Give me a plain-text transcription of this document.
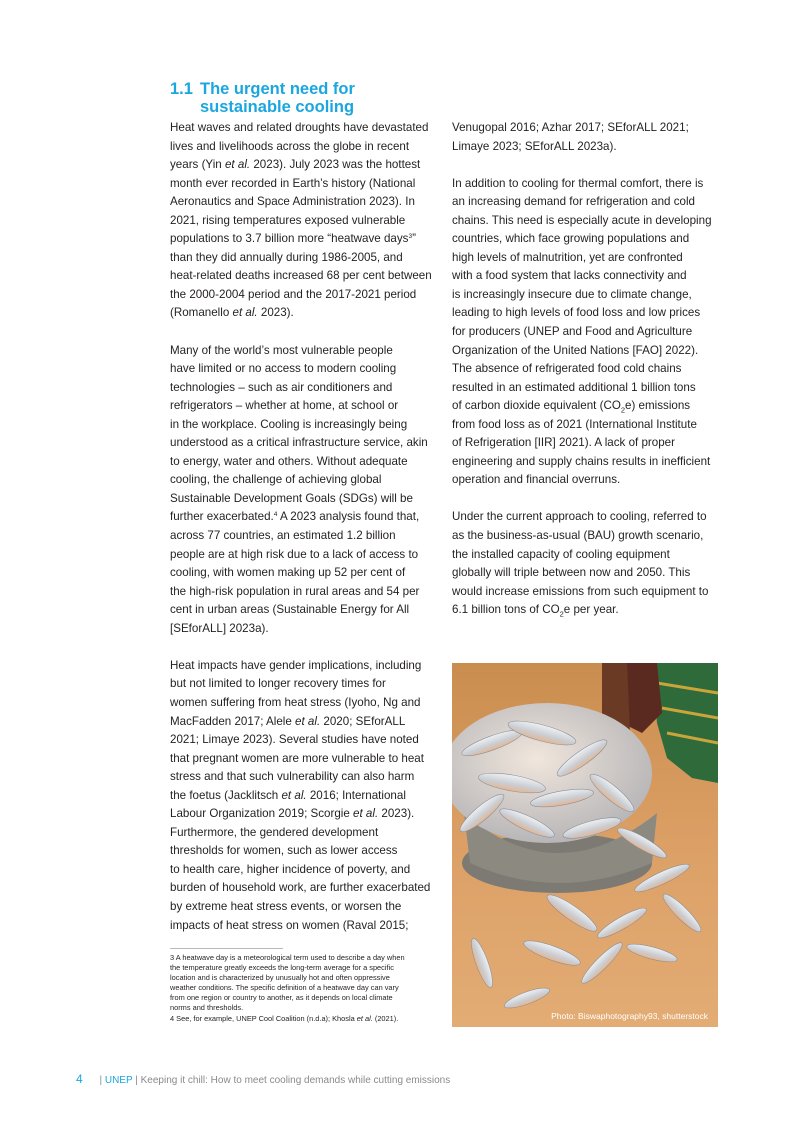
1.1 The urgent need for
sustainable cooling

Heat waves and related droughts have devastated
lives and livelihoods across the globe in recent
years (Yin et al. 2023). July 2023 was the hottest
month ever recorded in Earth’s history (National
Aeronautics and Space Administration 2023). In
2021, rising temperatures exposed vulnerable
populations to 3.7 billion more “heatwave days$^3$”
than they did annually during 1986-2005, and
heat-related deaths increased 68 per cent between
the 2000-2004 period and the 2017-2021 period
(Romanello et al. 2023).

Many of the world’s most vulnerable people
have limited or no access to modern cooling
technologies – such as air conditioners and
refrigerators – whether at home, at school or
in the workplace. Cooling is increasingly being
understood as a critical infrastructure service, akin
to energy, water and others. Without adequate
cooling, the challenge of achieving global
Sustainable Development Goals (SDGs) will be
further exacerbated.$^4$ A 2023 analysis found that,
across 77 countries, an estimated 1.2 billion
people are at high risk due to a lack of access to
cooling, with women making up 52 per cent of
the high-risk population in rural areas and 54 per
cent in urban areas (Sustainable Energy for All
[SEforALL] 2023a).

Heat impacts have gender implications, including
but not limited to longer recovery times for
women suffering from heat stress (Iyoho, Ng and
MacFadden 2017; Alele et al. 2020; SEforALL
2021; Limaye 2023). Several studies have noted
that pregnant women are more vulnerable to heat
stress and that such vulnerability can also harm
the foetus (Jacklitsch et al. 2016; International
Labour Organization 2019; Scorgie et al. 2023).
Furthermore, the gendered development
thresholds for women, such as lower access
to health care, higher incidence of poverty, and
burden of household work, are further exacerbated
by extreme heat stress events, or worsen the
impacts of heat stress on women (Raval 2015;

Venugopal 2016; Azhar 2017; SEforALL 2021;
Limaye 2023; SEforALL 2023a).

In addition to cooling for thermal comfort, there is
an increasing demand for refrigeration and cold
chains. This need is especially acute in developing
countries, which face growing populations and
high levels of malnutrition, yet are confronted
with a food system that lacks connectivity and
is increasingly insecure due to climate change,
leading to high levels of food loss and low prices
for producers (UNEP and Food and Agriculture
Organization of the United Nations [FAO] 2022).
The absence of refrigerated food cold chains
resulted in an estimated additional 1 billion tons
of carbon dioxide equivalent $(CO_2e)$ emissions
from food loss as of 2021 (International Institute
of Refrigeration [IIR] 2021). A lack of proper
engineering and supply chains results in inefficient
operation and financial overruns.

Under the current approach to cooling, referred to
as the business-as-usual (BAU) growth scenario,
the installed capacity of cooling equipment
globally will triple between now and 2050. This
would increase emissions from such equipment to
6.1 billion tons of $CO_2e$ per year.

3 A heatwave day is a meteorological term used to describe a day when
the temperature greatly exceeds the long-term average for a specific
location and is characterized by unusually hot and often oppressive
weather conditions. The specific definition of a heatwave day can vary
from one region or country to another, as it depends on local climate
norms and thresholds.
4 See, for example, UNEP Cool Coalition (n.d.a); Khosla et al. (2021).	Photo: Biswaphotography93, shutterstock
4 | UNEP | Keeping it chill: How to meet cooling demands while cutting emissions
